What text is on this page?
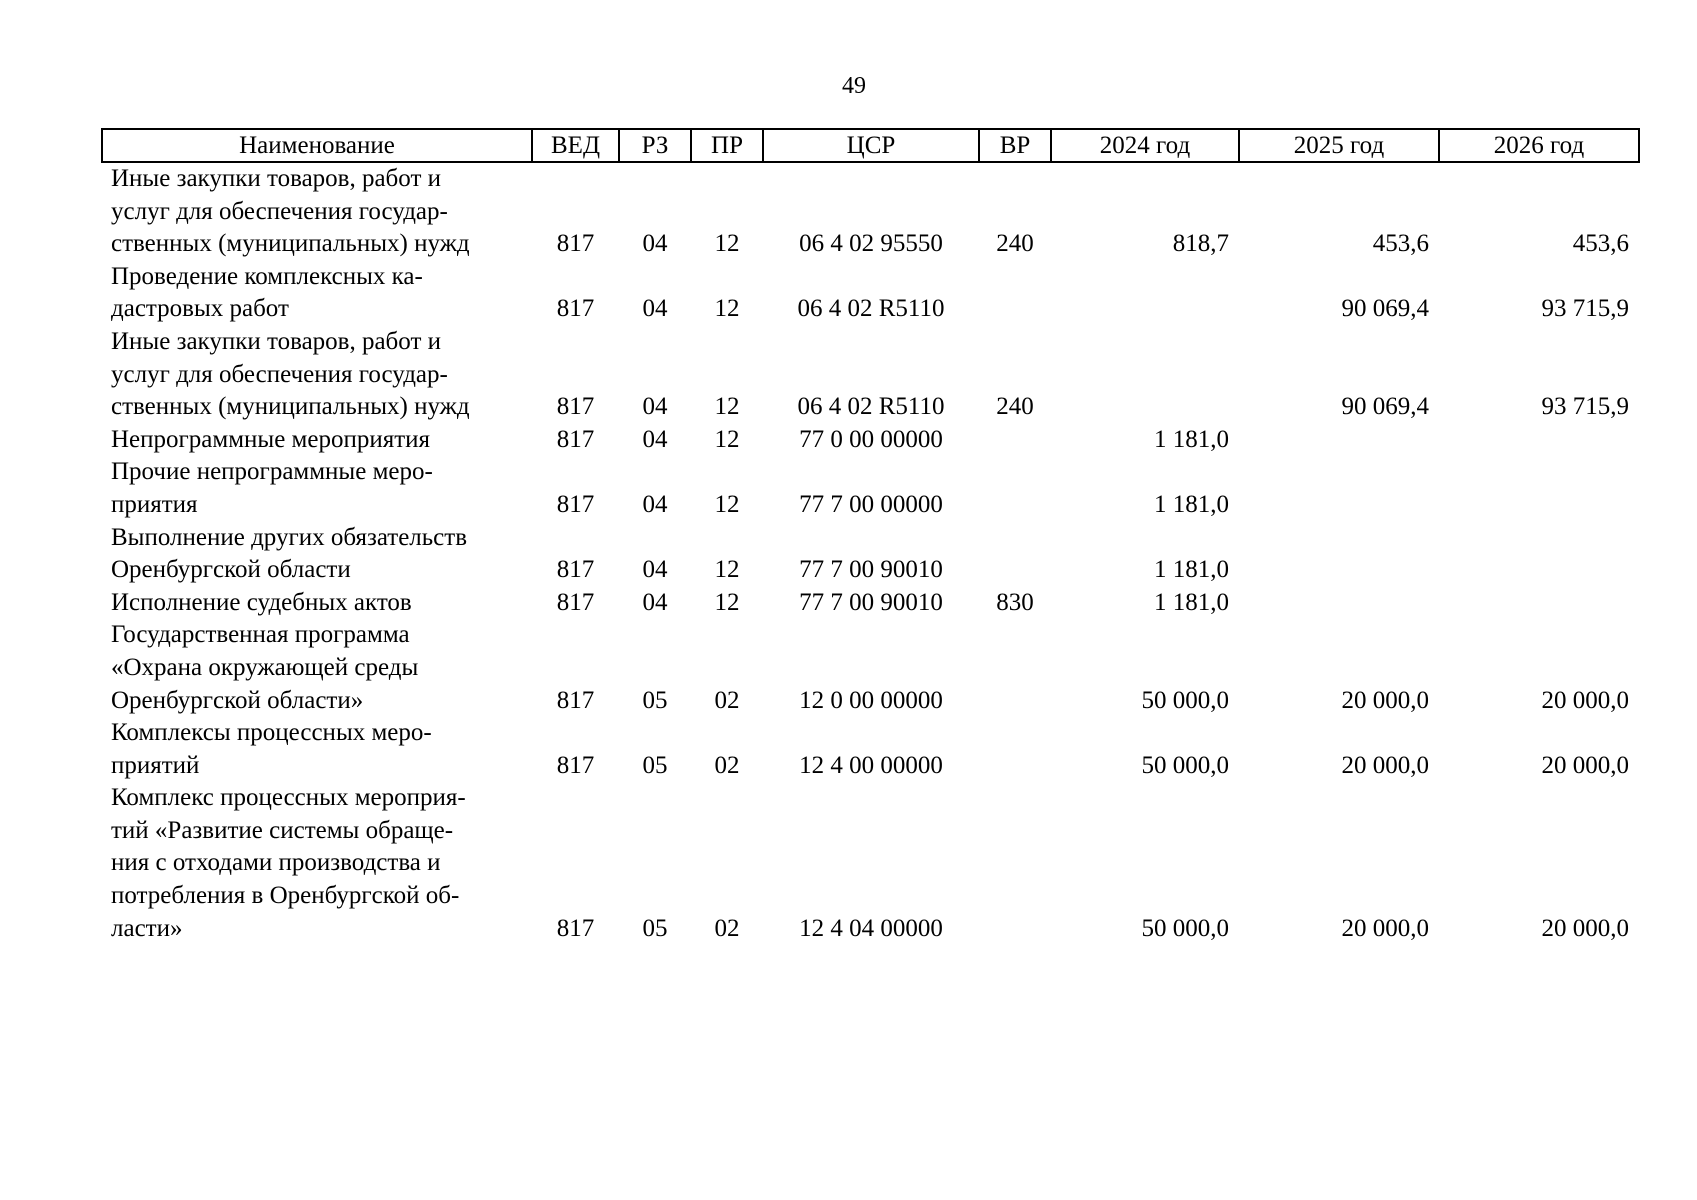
49
Наименование	ВЕД	РЗ	ПР	ЦСР	ВР	2024 год	2025 год	2026 год

Иные закупки товаров, работ и
услуг для обеспечения государ-
ственных (муниципальных) нужд	817	04	12	06 4 02 95550	240	818,7	453,6	453,6

Проведение комплексных ка-
дастровых работ	817	04	12	06 4 02 R5110			90 069,4	93 715,9

Иные закупки товаров, работ и
услуг для обеспечения государ-
ственных (муниципальных) нужд	817	04	12	06 4 02 R5110	240		90 069,4	93 715,9

Непрограммные мероприятия	817	04	12	77 0 00 00000		1 181,0		

Прочие непрограммные меро-
приятия	817	04	12	77 7 00 00000		1 181,0		

Выполнение других обязательств
Оренбургской области	817	04	12	77 7 00 90010		1 181,0		

Исполнение судебных актов	817	04	12	77 7 00 90010	830	1 181,0		

Государственная программа
«Охрана окружающей среды
Оренбургской области»	817	05	02	12 0 00 00000		50 000,0	20 000,0	20 000,0

Комплексы процессных меро-
приятий	817	05	02	12 4 00 00000		50 000,0	20 000,0	20 000,0

Комплекс процессных мероприя-
тий «Развитие системы обраще-
ния с отходами производства и
потребления в Оренбургской об-
ласти»	817	05	02	12 4 04 00000		50 000,0	20 000,0	20 000,0
